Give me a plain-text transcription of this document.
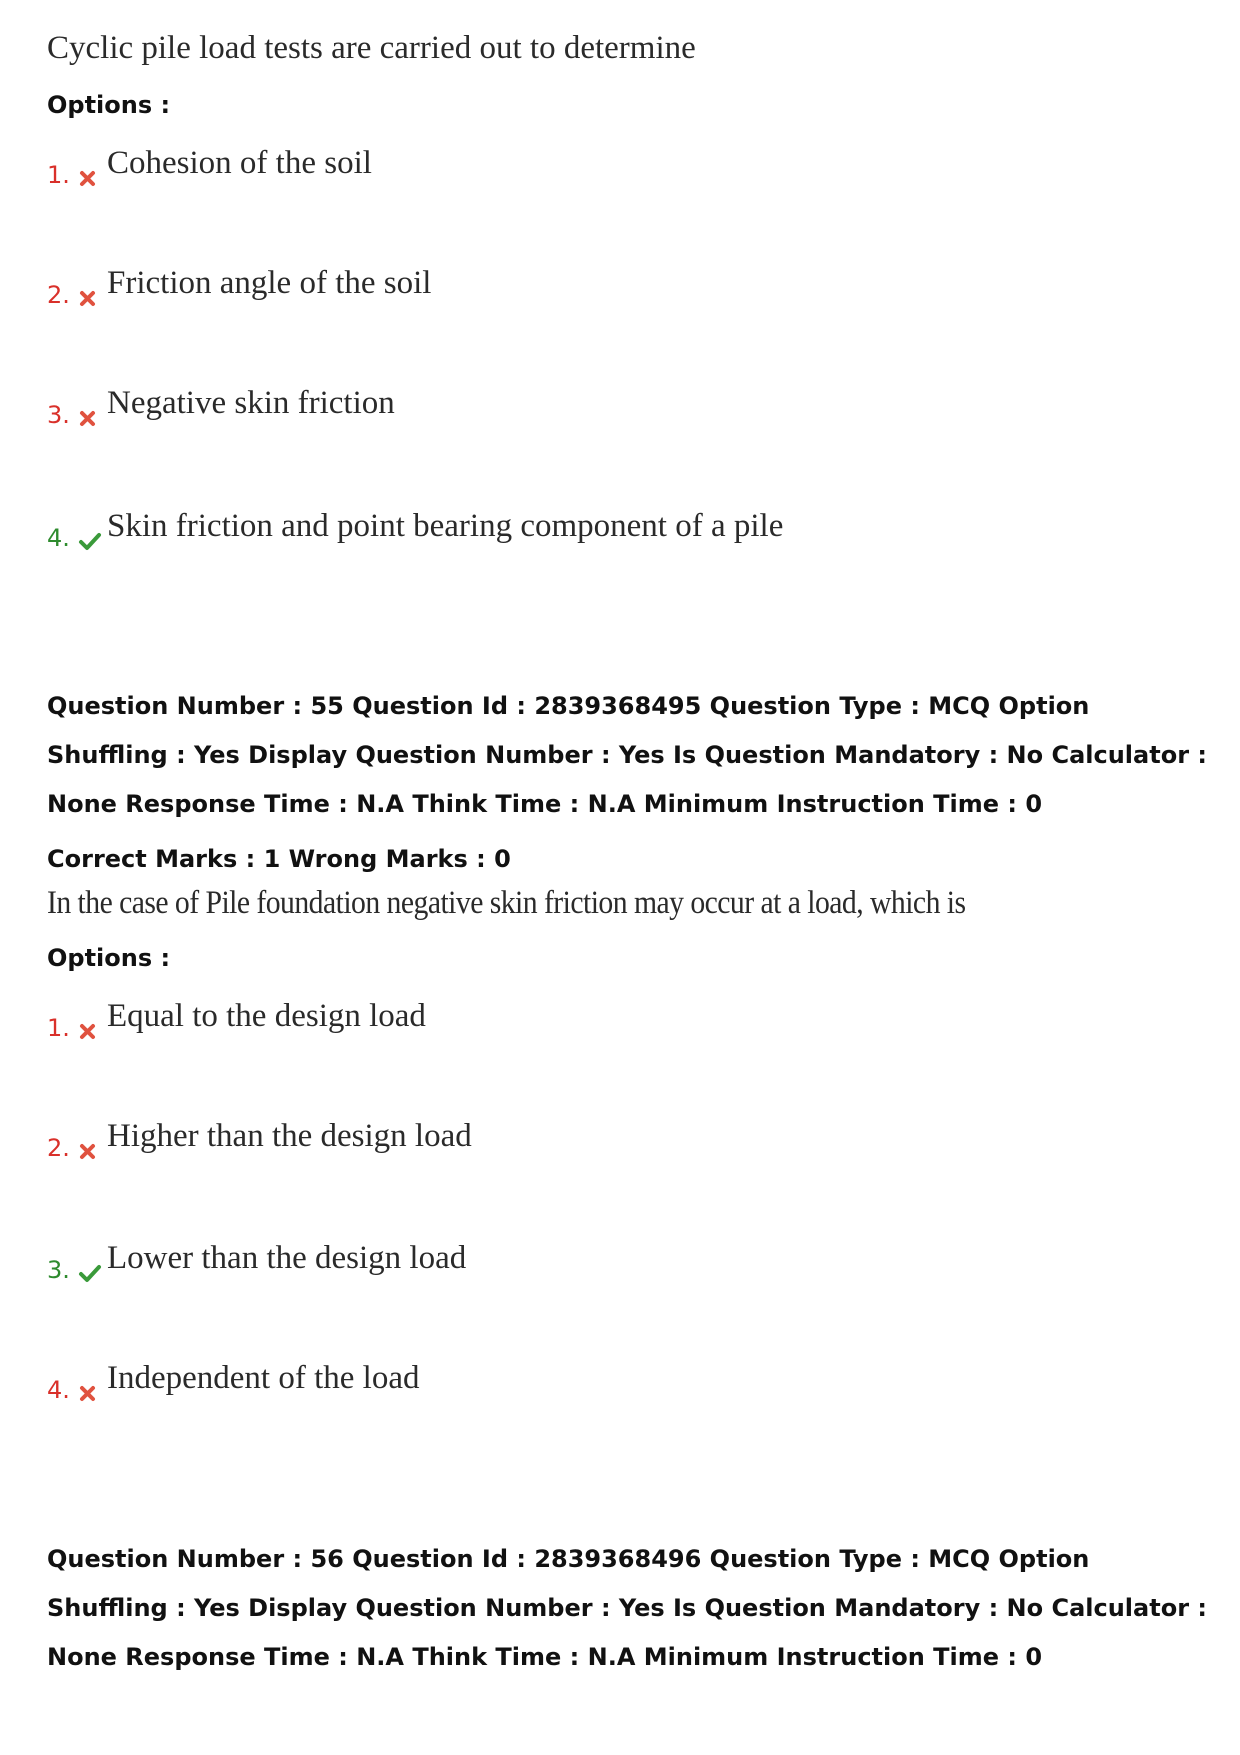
Cyclic pile load tests are carried out to determine
Options :
1. Cohesion of the soil
2. Friction angle of the soil
3. Negative skin friction
4. Skin friction and point bearing component of a pile
Question Number : 55 Question Id : 2839368495 Question Type : MCQ Option Shuffling : Yes Display Question Number : Yes Is Question Mandatory : No Calculator : None Response Time : N.A Think Time : N.A Minimum Instruction Time : 0
Correct Marks : 1 Wrong Marks : 0
In the case of Pile foundation negative skin friction may occur at a load, which is
Options :
1. Equal to the design load
2. Higher than the design load
3. Lower than the design load
4. Independent of the load
Question Number : 56 Question Id : 2839368496 Question Type : MCQ Option Shuffling : Yes Display Question Number : Yes Is Question Mandatory : No Calculator : None Response Time : N.A Think Time : N.A Minimum Instruction Time : 0
